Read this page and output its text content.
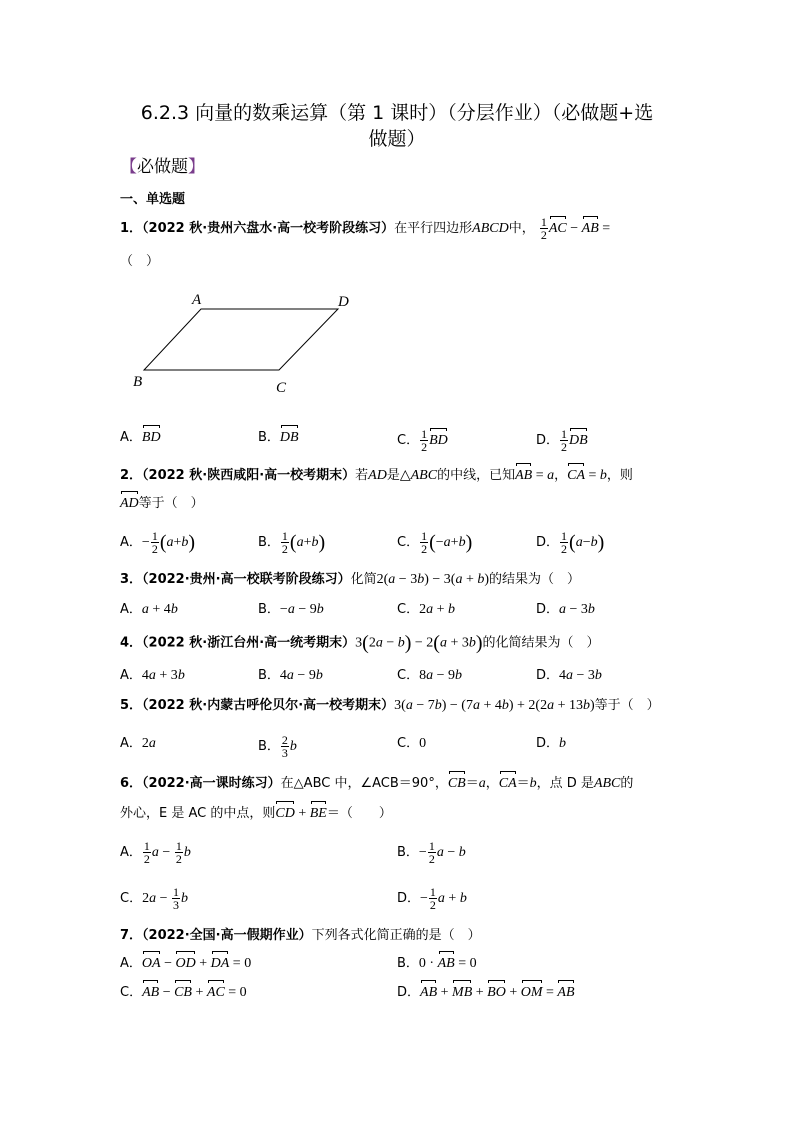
6.2.3 向量的数乘运算（第 1 课时）（分层作业）（必做题+选
做题）
【必做题】
一、单选题
1．（2022 秋·贵州六盘水·高一校考阶段练习）在平行四边形ABCD中， $\frac{1}{2}$ AC − AB =
（　）
A	D
B	C
A．BD	B．DB	C． $\frac{1}{2}$ BD	D． $\frac{1}{2}$ DB
2．（2022 秋·陕西咸阳·高一校考期末）若AD是△ABC的中线，已知AB = a，CA = b，则
AD等于（　）
A．− $\frac{1}{2} (a+b)$	B． $\frac{1}{2} (a+b)$	C． $\frac{1}{2} (-a+b)$	D． $\frac{1}{2} (a-b)$
3．（2022·贵州·高一校联考阶段练习）化简2(a − 3b) − 3(a + b)的结果为（　）
A．a + 4b	B．−a − 9b	C．2a + b	D．a − 3b
4．（2022 秋·浙江台州·高一统考期末）3(2a − b) − 2(a + 3b)的化简结果为（　）
A．4a + 3b	B．4a − 9b	C．8a − 9b	D．4a − 3b
5．（2022 秋·内蒙古呼伦贝尔·高一校考期末）3(a − 7b) − (7a + 4b) + 2(2a + 13b)等于（　）
A．2a	B． $\frac{2}{3}$ b	C．0	D．b
6．（2022·高一课时练习）在△ABC 中，∠ACB＝90°，CB＝a，CA＝b，点 D 是ABC的
外心，E 是 AC 的中点，则CD + BE＝（　　）
A． $\frac{1}{2}$ $a - \frac{1}{2}$ b	B．− $\frac{1}{2}$ a − b
C．$2a - \frac{1}{3}$ b	D．− $\frac{1}{2}$ a + b
7．（2022·全国·高一假期作业）下列各式化简正确的是（　）
A．OA − OD + DA = 0	B．0 · AB = 0
C．AB − CB + AC = 0	D．AB + MB + BO + OM = AB
